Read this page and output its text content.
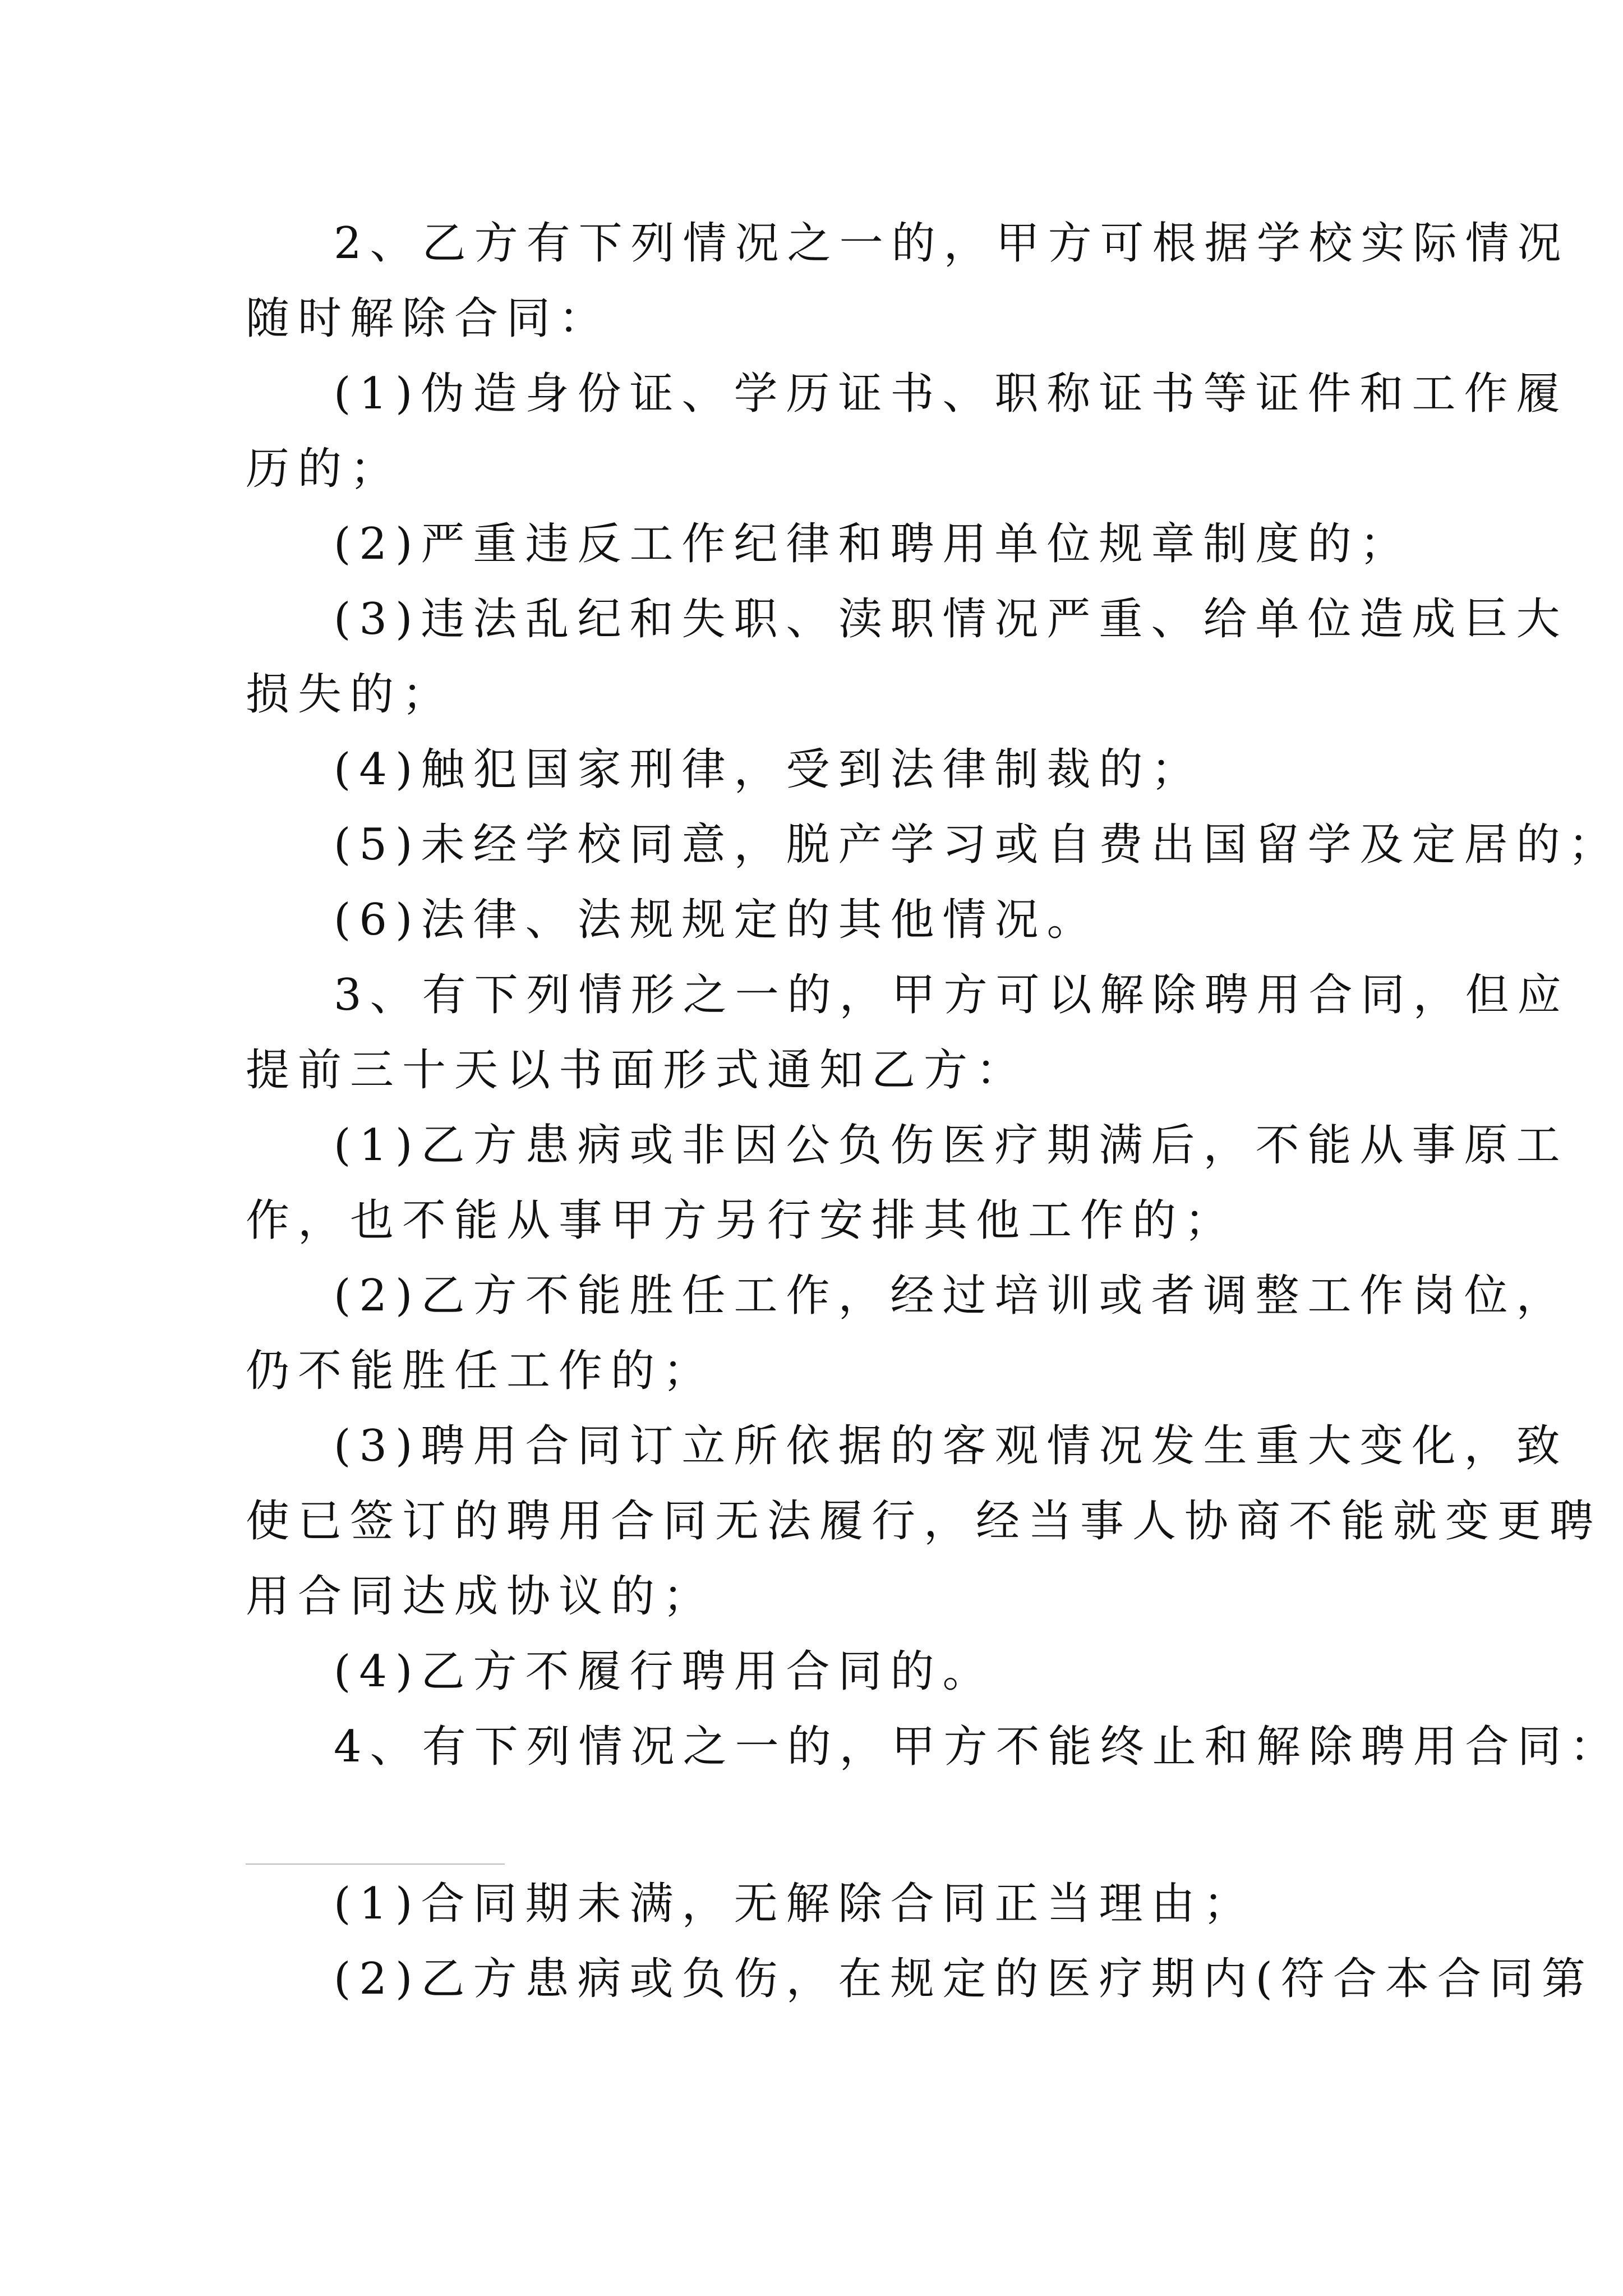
2、乙方有下列情况之一的，甲方可根据学校实际情况
随时解除合同：
(1)伪造身份证、学历证书、职称证书等证件和工作履
历的；
(2)严重违反工作纪律和聘用单位规章制度的；
(3)违法乱纪和失职、渎职情况严重、给单位造成巨大
损失的；
(4)触犯国家刑律，受到法律制裁的；
(5)未经学校同意，脱产学习或自费出国留学及定居的；
(6)法律、法规规定的其他情况。
3、有下列情形之一的，甲方可以解除聘用合同，但应
提前三十天以书面形式通知乙方：
(1)乙方患病或非因公负伤医疗期满后，不能从事原工
作，也不能从事甲方另行安排其他工作的；
(2)乙方不能胜任工作，经过培训或者调整工作岗位，
仍不能胜任工作的；
(3)聘用合同订立所依据的客观情况发生重大变化，致
使已签订的聘用合同无法履行，经当事人协商不能就变更聘
用合同达成协议的；
(4)乙方不履行聘用合同的。
4、有下列情况之一的，甲方不能终止和解除聘用合同：
(1)合同期未满，无解除合同正当理由；
(2)乙方患病或负伤，在规定的医疗期内(符合本合同第
